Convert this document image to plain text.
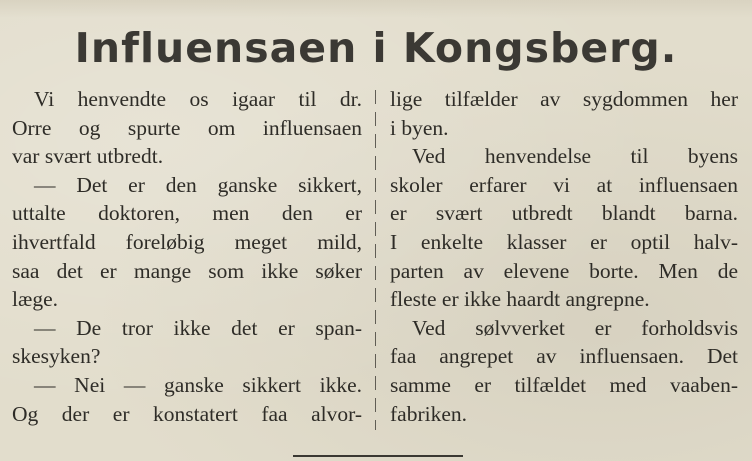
Influensaen i Kongsberg.
Vi henvendte os igaar til dr.
Orre og spurte om influensaen
var svært utbredt.
— Det er den ganske sikkert,
uttalte doktoren, men den er
ihvertfald foreløbig meget mild,
saa det er mange som ikke søker
læge.
— De tror ikke det er span-
skesyken?
— Nei — ganske sikkert ikke.
Og der er konstatert faa alvor-
lige tilfælder av sygdommen her
i byen.
Ved henvendelse til byens
skoler erfarer vi at influensaen
er svært utbredt blandt barna.
I enkelte klasser er optil halv-
parten av elevene borte. Men de
fleste er ikke haardt angrepne.
Ved sølvverket er forholdsvis
faa angrepet av influensaen. Det
samme er tilfældet med vaaben-
fabriken.
